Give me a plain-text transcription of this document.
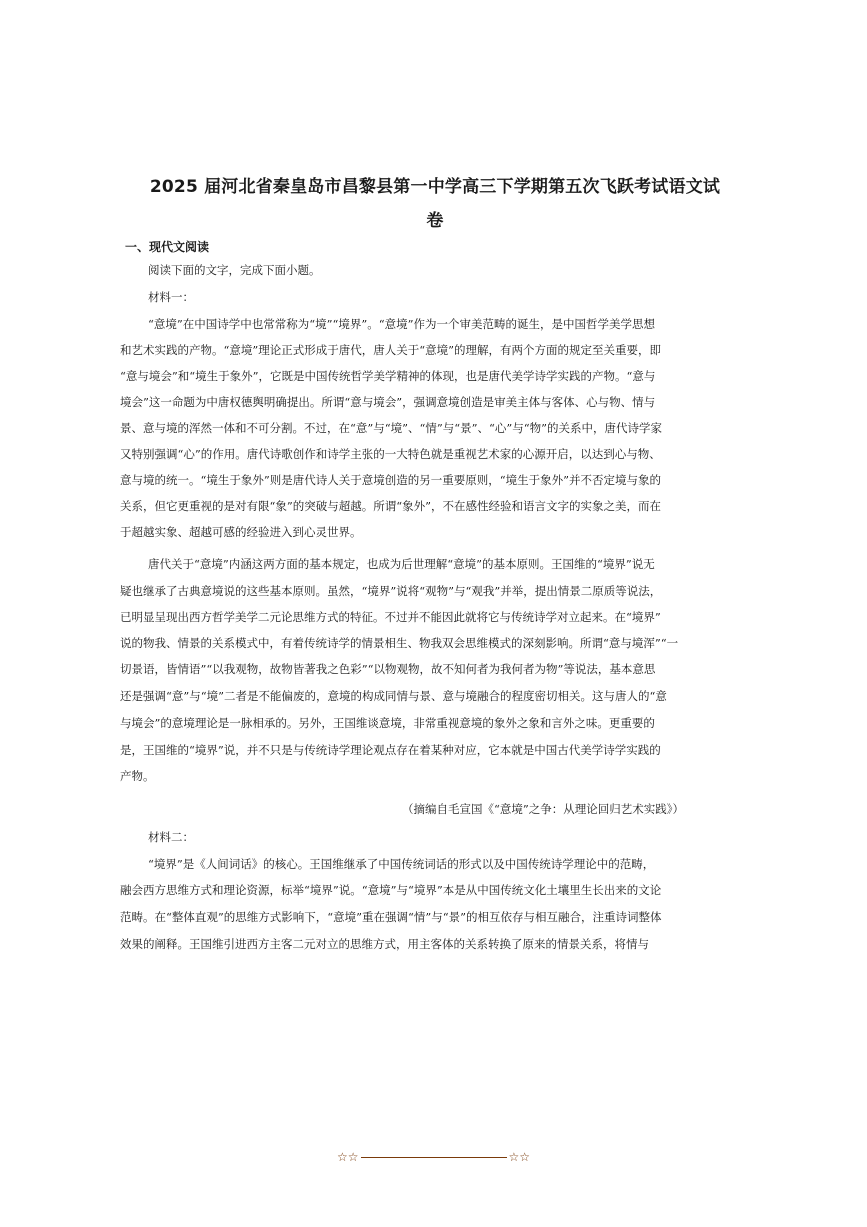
2025 届河北省秦皇岛市昌黎县第一中学高三下学期第五次飞跃考试语文试
卷
一、现代文阅读
阅读下面的文字，完成下面小题。
材料一：
“意境”在中国诗学中也常常称为“境”“境界”。“意境”作为一个审美范畴的诞生，是中国哲学美学思想
和艺术实践的产物。“意境”理论正式形成于唐代，唐人关于“意境”的理解，有两个方面的规定至关重要，即
“意与境会”和“境生于象外”，它既是中国传统哲学美学精神的体现，也是唐代美学诗学实践的产物。“意与
境会”这一命题为中唐权德舆明确提出。所谓“意与境会”，强调意境创造是审美主体与客体、心与物、情与
景、意与境的浑然一体和不可分割。不过，在“意”与“境”、“情”与“景”、“心”与“物”的关系中，唐代诗学家
又特别强调“心”的作用。唐代诗歌创作和诗学主张的一大特色就是重视艺术家的心源开启，以达到心与物、
意与境的统一。“境生于象外”则是唐代诗人关于意境创造的另一重要原则，“境生于象外”并不否定境与象的
关系，但它更重视的是对有限“象”的突破与超越。所谓“象外”，不在感性经验和语言文字的实象之美，而在
于超越实象、超越可感的经验进入到心灵世界。
唐代关于“意境”内涵这两方面的基本规定，也成为后世理解“意境”的基本原则。王国维的“境界”说无
疑也继承了古典意境说的这些基本原则。虽然，“境界”说将“观物”与“观我”并举，提出情景二原质等说法，
已明显呈现出西方哲学美学二元论思维方式的特征。不过并不能因此就将它与传统诗学对立起来。在“境界”
说的物我、情景的关系模式中，有着传统诗学的情景相生、物我双会思维模式的深刻影响。所谓“意与境浑”“一
切景语，皆情语”“以我观物，故物皆著我之色彩”“以物观物，故不知何者为我何者为物”等说法，基本意思
还是强调“意”与“境”二者是不能偏废的，意境的构成同情与景、意与境融合的程度密切相关。这与唐人的“意
与境会”的意境理论是一脉相承的。另外，王国维谈意境，非常重视意境的象外之象和言外之味。更重要的
是，王国维的“境界”说，并不只是与传统诗学理论观点存在着某种对应，它本就是中国古代美学诗学实践的
产物。
（摘编自毛宣国《“意境”之争：从理论回归艺术实践》）
材料二：
“境界”是《人间词话》的核心。王国维继承了中国传统词话的形式以及中国传统诗学理论中的范畴，
融会西方思维方式和理论资源，标举“境界”说。“意境”与“境界”本是从中国传统文化土壤里生长出来的文论
范畴。在“整体直观”的思维方式影响下，“意境”重在强调“情”与“景”的相互依存与相互融合，注重诗词整体
效果的阐释。王国维引进西方主客二元对立的思维方式，用主客体的关系转换了原来的情景关系，将情与
☆☆	☆☆
